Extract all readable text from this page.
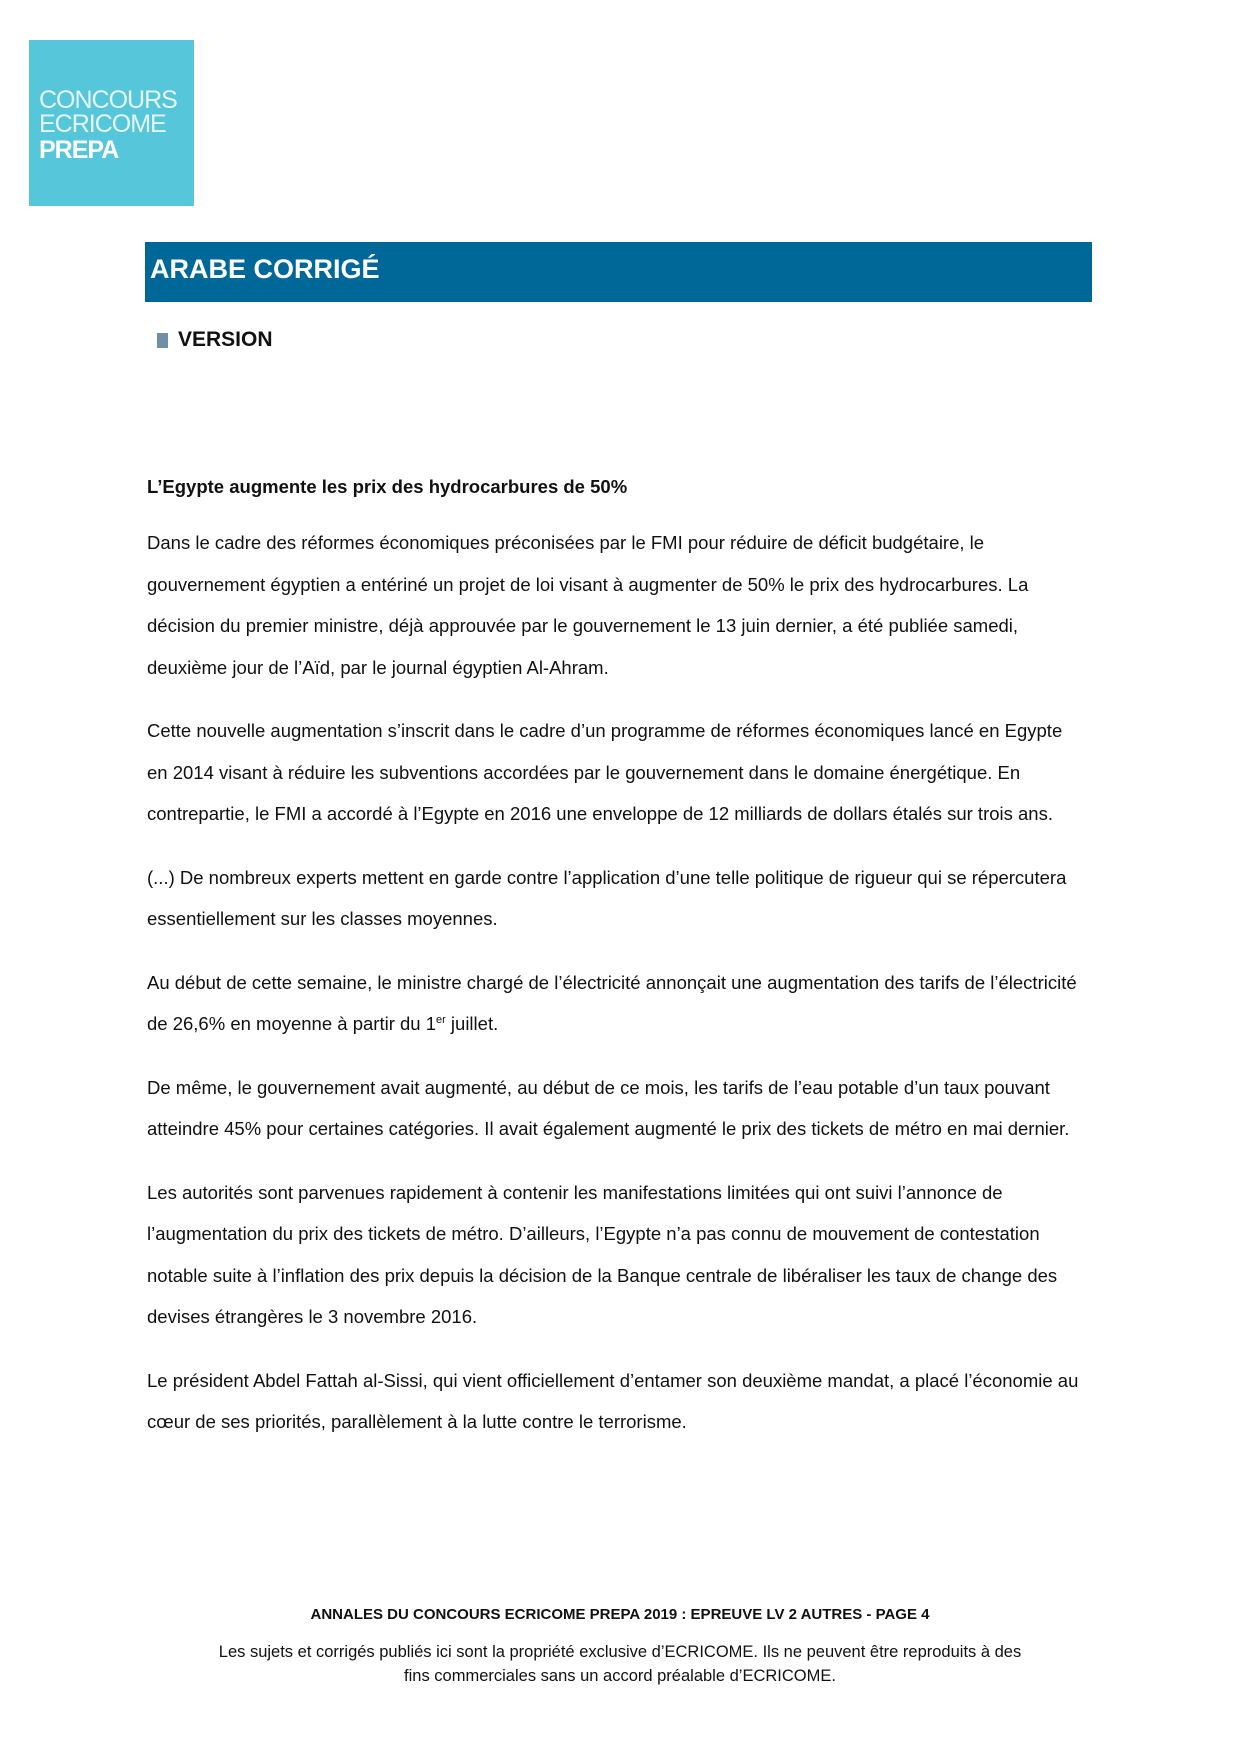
CONCOURS
ECRICOME
PREPA
ARABE CORRIGÉ
VERSION
L’Egypte augmente les prix des hydrocarbures de 50%

Dans le cadre des réformes économiques préconisées par le FMI pour réduire de déficit budgétaire, le gouvernement égyptien a entériné un projet de loi visant à augmenter de 50% le prix des hydrocarbures. La décision du premier ministre, déjà approuvée par le gouvernement le 13 juin dernier, a été publiée samedi, deuxième jour de l’Aïd, par le journal égyptien Al-Ahram.

Cette nouvelle augmentation s’inscrit dans le cadre d’un programme de réformes économiques lancé en Egypte en 2014 visant à réduire les subventions accordées par le gouvernement dans le domaine énergétique. En contrepartie, le FMI a accordé à l’Egypte en 2016 une enveloppe de 12 milliards de dollars étalés sur trois ans.

(...) De nombreux experts mettent en garde contre l’application d’une telle politique de rigueur qui se répercutera essentiellement sur les classes moyennes.

Au début de cette semaine, le ministre chargé de l’électricité annonçait une augmentation des tarifs de l’électricité de 26,6% en moyenne à partir du 1er juillet.

De même, le gouvernement avait augmenté, au début de ce mois, les tarifs de l’eau potable d’un taux pouvant atteindre 45% pour certaines catégories. Il avait également augmenté le prix des tickets de métro en mai dernier.

Les autorités sont parvenues rapidement à contenir les manifestations limitées qui ont suivi l’annonce de l’augmentation du prix des tickets de métro. D’ailleurs, l’Egypte n’a pas connu de mouvement de contestation notable suite à l’inflation des prix depuis la décision de la Banque centrale de libéraliser les taux de change des devises étrangères le 3 novembre 2016.

Le président Abdel Fattah al-Sissi, qui vient officiellement d’entamer son deuxième mandat, a placé l’économie au cœur de ses priorités, parallèlement à la lutte contre le terrorisme.

ANNALES DU CONCOURS ECRICOME PREPA 2019 : EPREUVE LV 2 AUTRES - PAGE 4
Les sujets et corrigés publiés ici sont la propriété exclusive d’ECRICOME. Ils ne peuvent être reproduits à des
fins commerciales sans un accord préalable d’ECRICOME.
